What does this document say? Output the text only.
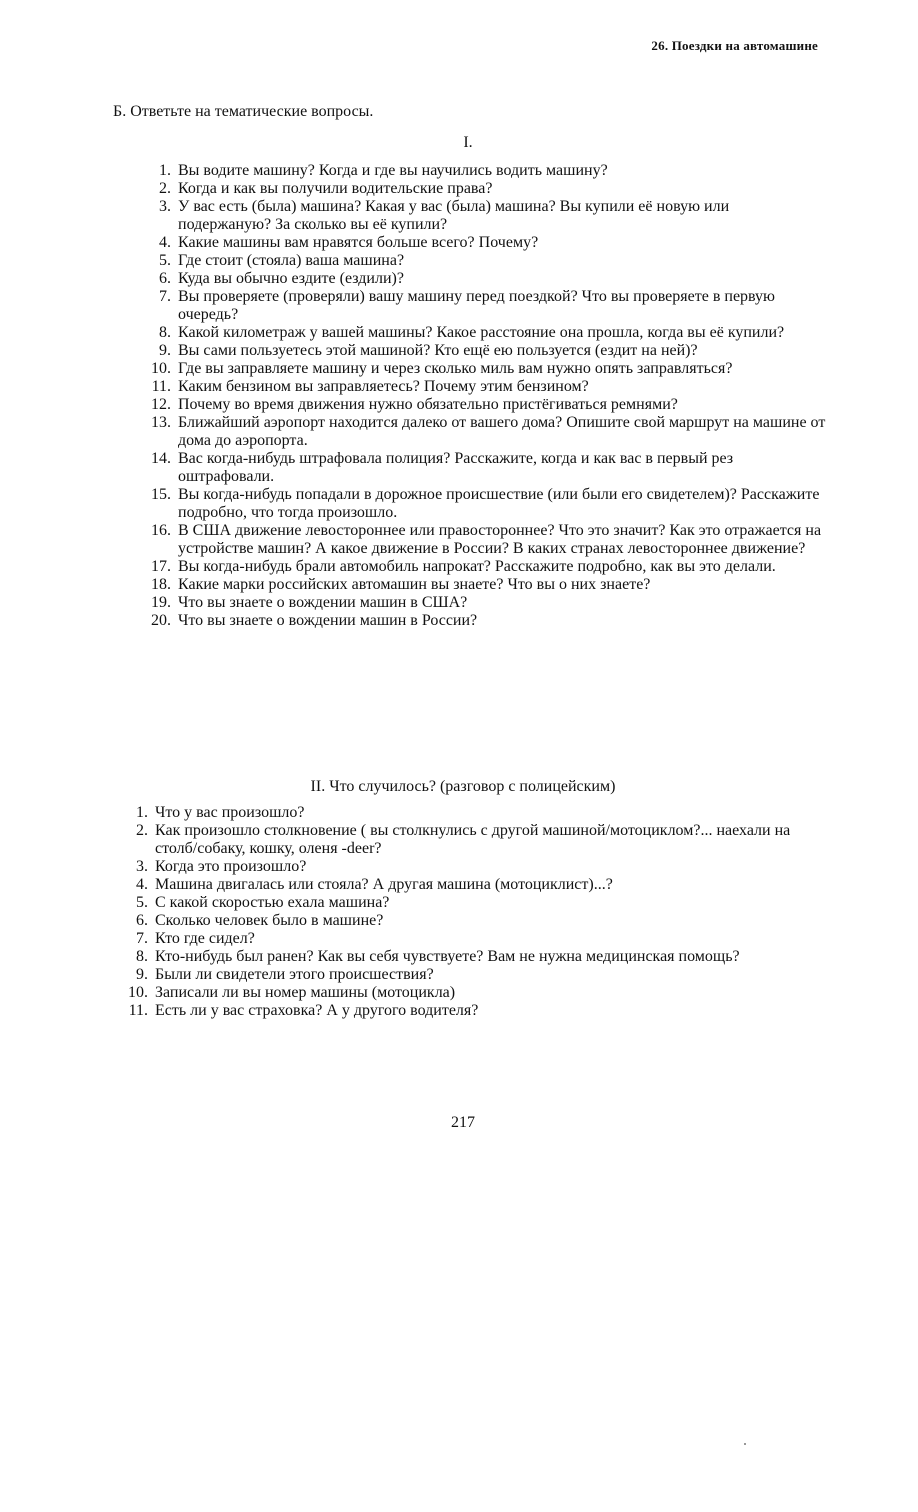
26. Поездки на автомашине
Б. Ответьте на тематические вопросы.
I.
1. Вы водите машину? Когда и где вы научились водить машину?
2. Когда и как вы получили водительские права?
3. У вас есть (была) машина? Какая у вас (была) машина? Вы купили её новую или подержаную? За сколько вы её купили?
4. Какие машины вам нравятся больше всего? Почему?
5. Где стоит (стояла) ваша машина?
6. Куда вы обычно ездите (ездили)?
7. Вы проверяете (проверяли) вашу машину перед поездкой? Что вы проверяете в первую очередь?
8. Какой километраж у вашей машины? Какое расстояние она прошла, когда вы её купили?
9. Вы сами пользуетесь этой машиной? Кто ещё ею пользуется (ездит на ней)?
10. Где вы заправляете машину и через сколько миль вам нужно опять заправляться?
11. Каким бензином вы заправляетесь? Почему этим бензином?
12. Почему во время движения нужно обязательно пристёгиваться ремнями?
13. Ближайший аэропорт находится далеко от вашего дома? Опишите свой маршрут на машине от дома до аэропорта.
14. Вас когда-нибудь штрафовала полиция? Расскажите, когда и как вас в первый рез оштрафовали.
15. Вы когда-нибудь попадали в дорожное происшествие (или были его свидетелем)? Расскажите подробно, что тогда произошло.
16. В США движение левостороннее или правостороннее? Что это значит? Как это отражается на устройстве машин? А какое движение в России? В каких странах левостороннее движение?
17. Вы когда-нибудь брали автомобиль напрокат? Расскажите подробно, как вы это делали.
18. Какие марки российских автомашин вы знаете? Что вы о них знаете?
19. Что вы знаете о вождении машин в США?
20. Что вы знаете о вождении машин в России?
II. Что случилось? (разговор с полицейским)
1. Что у вас произошло?
2. Как произошло столкновение ( вы столкнулись с другой машиной/мотоциклом?... наехали на столб/собаку, кошку, оленя -deer?
3. Когда это произошло?
4. Машина двигалась или стояла? А другая машина (мотоциклист)...?
5. С какой скоростью ехала машина?
6. Сколько человек было в машине?
7. Кто где сидел?
8. Кто-нибудь был ранен? Как вы себя чувствуете? Вам не нужна медицинская помощь?
9. Были ли свидетели этого происшествия?
10. Записали ли вы номер машины (мотоцикла)
11. Есть ли у вас страховка? А у другого водителя?
217
